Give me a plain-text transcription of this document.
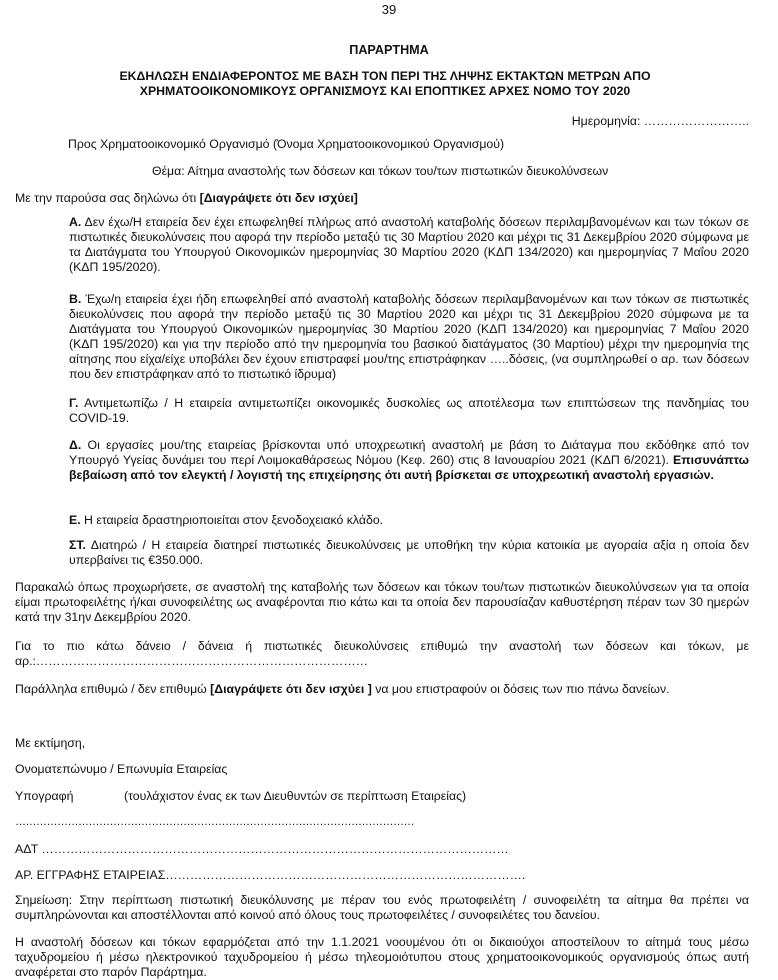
39
ΠΑΡΑΡΤΗΜΑ
ΕΚΔΗΛΩΣΗ ΕΝΔΙΑΦΕΡΟΝΤΟΣ ΜΕ ΒΑΣΗ ΤΟΝ ΠΕΡΙ ΤΗΣ ΛΗΨΗΣ ΕΚΤΑΚΤΩΝ ΜΕΤΡΩΝ ΑΠΟ
ΧΡΗΜΑΤΟΟΙΚΟΝΟΜΙΚΟΥΣ ΟΡΓΑΝΙΣΜΟΥΣ ΚΑΙ ΕΠΟΠΤΙΚΕΣ ΑΡΧΕΣ ΝΟΜΟ ΤΟΥ 2020
Ημερομηνία: ……………………..
Προς Χρηματοοικονομικό Οργανισμό (Όνομα Χρηματοοικονομικού Οργανισμού)
Θέμα: Αίτημα αναστολής των δόσεων και τόκων του/των πιστωτικών διευκολύνσεων
Με την παρούσα σας δηλώνω ότι [Διαγράψετε ότι δεν ισχύει]
Α. Δεν έχω/Η εταιρεία δεν έχει επωφεληθεί πλήρως από αναστολή καταβολής δόσεων περιλαμβανομένων και των τόκων σε πιστωτικές διευκολύνσεις που αφορά την περίοδο μεταξύ τις 30 Μαρτίου 2020 και μέχρι τις 31 Δεκεμβρίου 2020 σύμφωνα με τα Διατάγματα του Υπουργού Οικονομικών ημερομηνίας 30 Μαρτίου 2020 (ΚΔΠ 134/2020) και ημερομηνίας 7 Μαΐου 2020 (ΚΔΠ 195/2020).
Β. Έχω/η εταιρεία έχει ήδη επωφεληθεί από αναστολή καταβολής δόσεων περιλαμβανομένων και των τόκων σε πιστωτικές διευκολύνσεις που αφορά την περίοδο μεταξύ τις 30 Μαρτίου 2020 και μέχρι τις 31 Δεκεμβρίου 2020 σύμφωνα με τα Διατάγματα του Υπουργού Οικονομικών ημερομηνίας 30 Μαρτίου 2020 (ΚΔΠ 134/2020) και ημερομηνίας 7 Μαΐου 2020 (ΚΔΠ 195/2020) και για την περίοδο από την ημερομηνία του βασικού διατάγματος (30 Μαρτίου) μέχρι την ημερομηνία της αίτησης που είχα/είχε υποβάλει δεν έχουν επιστραφεί μου/της επιστράφηκαν …..δόσεις, (να συμπληρωθεί ο αρ. των δόσεων που δεν επιστράφηκαν από το πιστωτικό ίδρυμα)
Γ. Αντιμετωπίζω / Η εταιρεία αντιμετωπίζει οικονομικές δυσκολίες ως αποτέλεσμα των επιπτώσεων της πανδημίας του COVID-19.
Δ. Οι εργασίες μου/της εταιρείας βρίσκονται υπό υποχρεωτική αναστολή με βάση το Διάταγμα που εκδόθηκε από τον Υπουργό Υγείας δυνάμει του περί Λοιμοκαθάρσεως Νόμου (Κεφ. 260) στις 8 Ιανουαρίου 2021 (ΚΔΠ 6/2021). Επισυνάπτω βεβαίωση από τον ελεγκτή / λογιστή της επιχείρησης ότι αυτή βρίσκεται σε υποχρεωτική αναστολή εργασιών.
Ε. Η εταιρεία δραστηριοποιείται στον ξενοδοχειακό κλάδο.
ΣΤ. Διατηρώ / Η εταιρεία διατηρεί πιστωτικές διευκολύνσεις με υποθήκη την κύρια κατοικία με αγοραία αξία η οποία δεν υπερβαίνει τις €350.000.
Παρακαλώ όπως προχωρήσετε, σε αναστολή της καταβολής των δόσεων και τόκων του/των πιστωτικών διευκολύνσεων για τα οποία είμαι πρωτοφειλέτης ή/και συνοφειλέτης ως αναφέρονται πιο κάτω και τα οποία δεν παρουσίαζαν καθυστέρηση πέραν των 30 ημερών κατά την 31ην Δεκεμβρίου 2020.
Για το πιο κάτω δάνειο / δάνεια ή πιστωτικές διευκολύνσεις επιθυμώ την αναστολή των δόσεων και τόκων, με αρ.:………………………………………………………………………
Παράλληλα επιθυμώ / δεν επιθυμώ [Διαγράψετε ότι δεν ισχύει ] να μου επιστραφούν οι δόσεις των πιο πάνω δανείων.
Με εκτίμηση,
Ονοματεπώνυμο / Επωνυμία Εταιρείας
Υπογραφή	(τουλάχιστον ένας εκ των Διευθυντών σε περίπτωση Εταιρείας)
……………………………………………………………………………………………………
ΑΔΤ ……………………………………………………………………………………………………
ΑΡ. ΕΓΓΡΑΦΗΣ ΕΤΑΙΡΕΙΑΣ…………………………………………………………………………….
Σημείωση: Στην περίπτωση πιστωτική διευκόλυνσης με πέραν του ενός πρωτοφειλέτη / συνοφειλέτη τα αίτημα θα πρέπει να συμπληρώνονται και αποστέλλονται από κοινού από όλους τους πρωτοφειλέτες / συνοφειλέτες του δανείου.
Η αναστολή δόσεων και τόκων εφαρμόζεται από την 1.1.2021 νοουμένου ότι οι δικαιούχοι αποστείλουν το αίτημά τους μέσω ταχυδρομείου ή μέσω ηλεκτρονικού ταχυδρομείου ή μέσω τηλεομοιότυπου στους χρηματοοικονομικούς οργανισμούς όπως αυτή αναφέρεται στο παρόν Παράρτημα.
